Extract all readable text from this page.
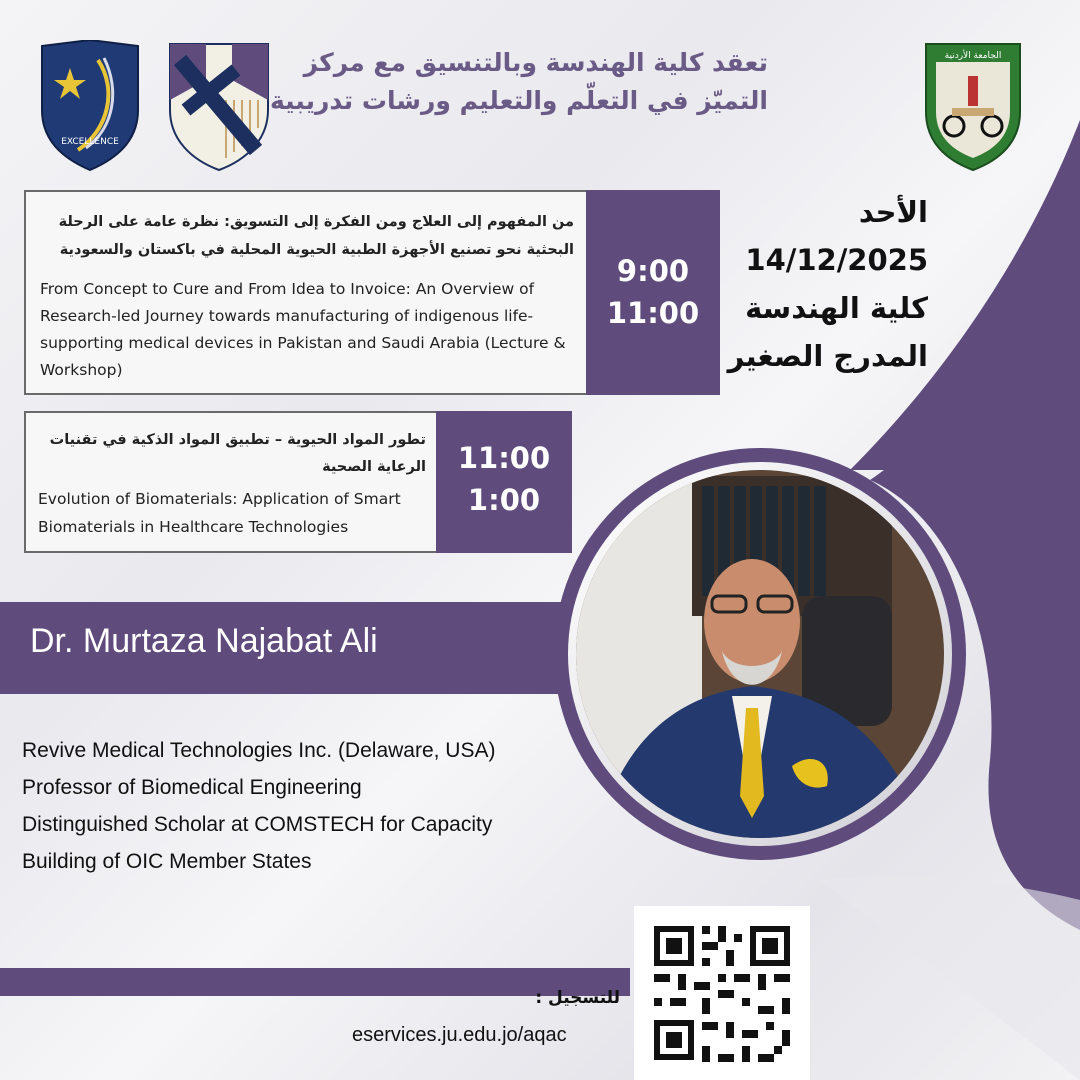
EXCELLENCE
الجامعة الأردنية
تعقد كلية الهندسة وبالتنسيق مع مركز
التميّز في التعلّم والتعليم ورشات تدريبية
من المفهوم إلى العلاج ومن الفكرة إلى التسويق: نظرة عامة على الرحلة البحثية نحو تصنيع الأجهزة الطبية الحيوية المحلية في باكستان والسعودية
From Concept to Cure and From Idea to Invoice: An Overview of Research-led Journey towards manufacturing of indigenous life-supporting medical devices in Pakistan and Saudi Arabia (Lecture & Workshop)
9:00
11:00
تطور المواد الحيوية – تطبيق المواد الذكية في تقنيات الرعاية الصحية
Evolution of Biomaterials: Application of Smart Biomaterials in Healthcare Technologies
11:00
1:00
الأحد
14/12/2025
كلية الهندسة
المدرج الصغير
Dr. Murtaza Najabat Ali
Revive Medical Technologies Inc. (Delaware, USA)
Professor of Biomedical Engineering
Distinguished Scholar at COMSTECH for Capacity
Building of OIC Member States
للتسجيل :
eservices.ju.edu.jo/aqac
